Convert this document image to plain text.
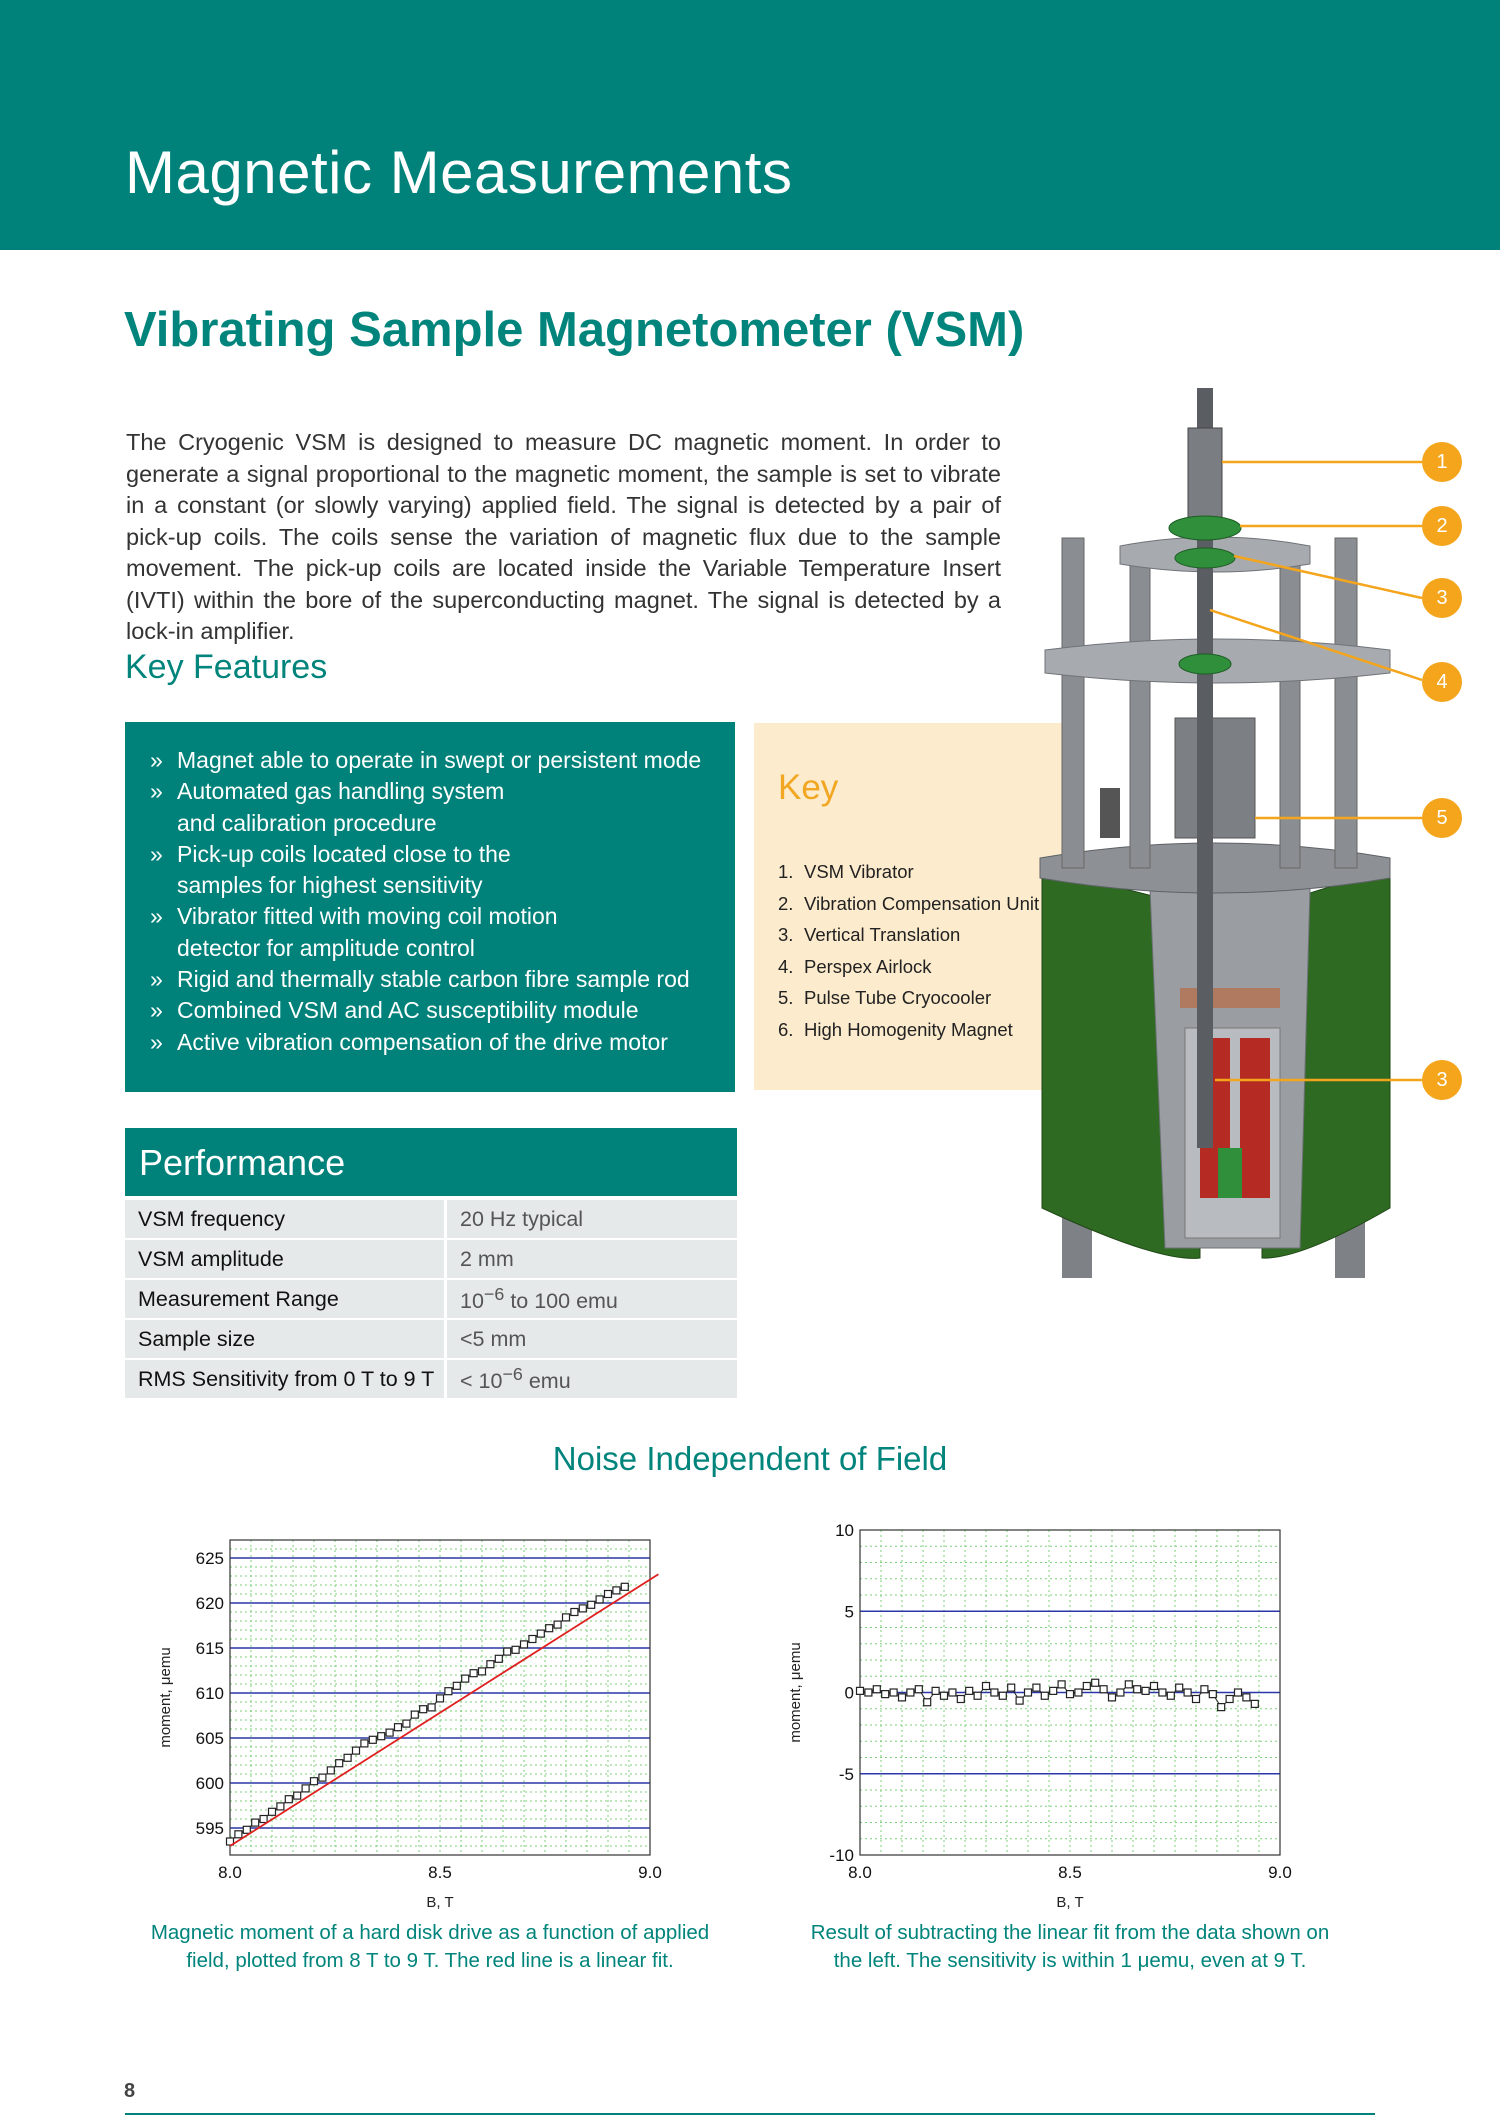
Magnetic Measurements
Vibrating Sample Magnetometer (VSM)
The Cryogenic VSM is designed to measure DC magnetic moment. In order to generate a signal proportional to the magnetic moment, the sample is set to vibrate in a constant (or slowly varying) applied field. The signal is detected by a pair of pick-up coils. The coils sense the variation of magnetic flux due to the sample movement. The pick-up coils are located inside the Variable Temperature Insert (IVTI) within the bore of the superconducting magnet. The signal is detected by a lock-in amplifier.
Key Features
» Magnet able to operate in swept or persistent mode
» Automated gas handling system
and calibration procedure
» Pick-up coils located close to the
samples for highest sensitivity
» Vibrator fitted with moving coil motion
detector for amplitude control
» Rigid and thermally stable carbon fibre sample rod
» Combined VSM and AC susceptibility module
» Active vibration compensation of the drive motor
Key
1. VSM Vibrator
2. Vibration Compensation Unit
3. Vertical Translation
4. Perspex Airlock
5. Pulse Tube Cryocooler
6. High Homogenity Magnet
1
2
3
4
5
3
Performance
VSM frequency	20 Hz typical
VSM amplitude	2 mm
Measurement Range	$10^{-6}$ to 100 emu
Sample size	<5 mm
RMS Sensitivity from 0 T to 9 T	< $10^{-6}$ emu
Noise Independent of Field
595
600
605
610
615
620
625
8.0	8.5	9.0
B, T
moment, μemu
-10
-5
0
5
10
8.0	8.5	9.0
B, T
moment, μemu
Magnetic moment of a hard disk drive as a function of applied
field, plotted from 8 T to 9 T. The red line is a linear fit.
Result of subtracting the linear fit from the data shown on
the left. The sensitivity is within 1 μemu, even at 9 T.
8
